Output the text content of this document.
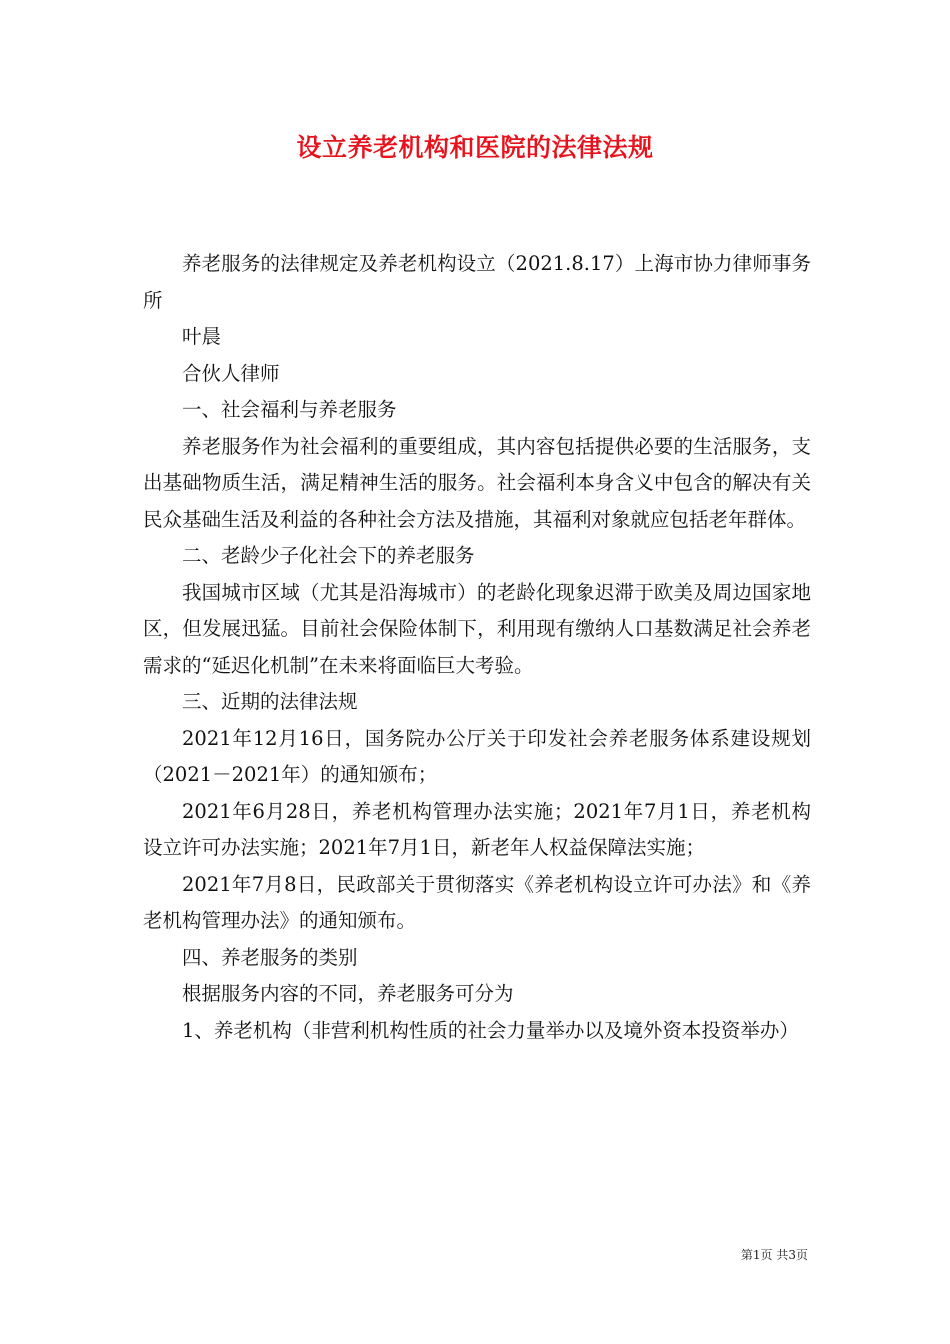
设立养老机构和医院的法律法规

养老服务的法律规定及养老机构设立（2021.8.17）上海市协力律师事务所

叶晨

合伙人律师

一、社会福利与养老服务

养老服务作为社会福利的重要组成，其内容包括提供必要的生活服务，支出基础物质生活，满足精神生活的服务。社会福利本身含义中包含的解决有关民众基础生活及利益的各种社会方法及措施，其福利对象就应包括老年群体。

二、老龄少子化社会下的养老服务

我国城市区域（尤其是沿海城市）的老龄化现象迟滞于欧美及周边国家地区，但发展迅猛。目前社会保险体制下，利用现有缴纳人口基数满足社会养老需求的“延迟化机制”在未来将面临巨大考验。

三、近期的法律法规

2021年12月16日，国务院办公厅关于印发社会养老服务体系建设规划（2021－2021年）的通知颁布；

2021年6月28日，养老机构管理办法实施；2021年7月1日，养老机构设立许可办法实施；2021年7月1日，新老年人权益保障法实施；

2021年7月8日，民政部关于贯彻落实《养老机构设立许可办法》和《养老机构管理办法》的通知颁布。

四、养老服务的类别

根据服务内容的不同，养老服务可分为

1、养老机构（非营利机构性质的社会力量举办以及境外资本投资举办）

第1页 共3页
